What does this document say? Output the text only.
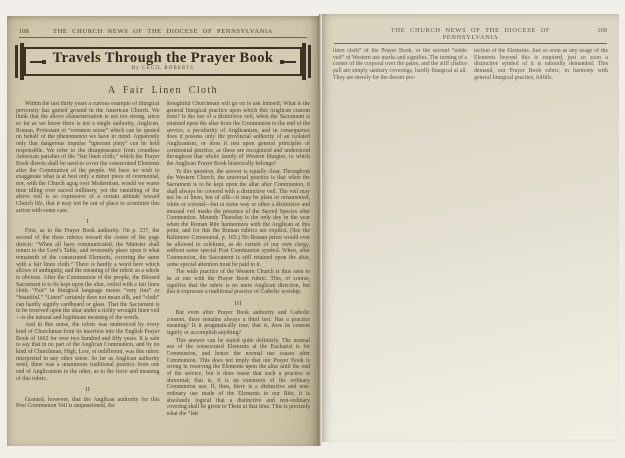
108	THE CHURCH NEWS OF THE DIOCESE OF PENNSYLVANIA
Travels Through the Prayer Book
By CECIL ROBERTS
A Fair Linen Cloth

Within the last thirty years a curious example of liturgical perversity has gained ground in the American Church. We think that the above characterisation is not too strong, since so far as we know there is not a single authority, Anglican, Roman, Protestant or “common sense” which can be quoted on behalf of the phenomenon we have in mind. Apparently only that dangerous impulse “ignorant piety” can be held responsible. We refer to the disappearance from countless American parishes of the “fair linen cloth,” which the Prayer Book directs shall be used to cover the consecrated Elements after the Communion of the people. We have no wish to exaggerate what is at best only a minor piece of ceremonial, nor, with the Church agog over Modernism, would we waste time idling over sacred millinery, yet the vanishing of the above veil is so expressive of a certain attitude toward Church life, that it may not be out of place to scrutinize this action with some care.

I

First, as to the Prayer Book authority. On p. 237, the second of the three rubrics toward the center of the page directs: “When all have communicated, the Minister shall return to the Lord’s Table, and reverently place upon it what remaineth of the consecrated Elements, covering the same with a fair linen cloth.” There is hardly a word here which allows of ambiguity, and the meaning of the rubric as a whole is obvious. After the Communion of the people, the Blessed Sacrament is to be kept upon the altar, veiled with a fair linen cloth. “Fair” in liturgical language means “very fine” or “beautiful.” “Linen” certainly does not mean silk, and “cloth” can hardly signify cardboard or glass. That the Sacrament is to be reserved upon the altar under a richly wrought linen veil—is the natural and legitimate meaning of the words.

And in this sense, the rubric was understood by every kind of Churchman from its insertion into the English Prayer Book of 1662 for over two hundred and fifty years. It is safe to say that in no part of the Anglican Communion, and by no kind of Churchman, High, Low, or indifferent, was this rubric interpreted in any other sense. So far as Anglican authority went, there was a unanimous traditional practice from one end of Anglicanism to the other, as to the force and meaning of this rubric.

II

Granted, however, that the Anglican authority for this Post Communion Veil is unquestioned, the

thoughtful Churchman will go on to ask himself; What is the general liturgical practice upon which this Anglican custom rests? Is the use of a distinctive veil, when the Sacrament is retained upon the altar from the Communion to the end of the service, a peculiarity of Anglicanism, and in consequence does it possess only the provincial authority of an isolated Anglicanism, or does it rest upon general principles of ceremonial practice, as these are recognized and understood throughout that whole family of Western liturgies, to which the Anglican Prayer Book historically belongs?

To this question, the answer is equally clear. Throughout the Western Church, the universal practice is that when the Sacrament is to be kept upon the altar after Communion, it shall always be covered with a distinctive veil. The veil may not be of linen, but of silk—it may be plain or ornamented, white or colored—but in some way or other a distinctive and unusual veil marks the presence of the Sacred Species after Communion. Maundy Thursday is the only day in the year when the Roman Rite harmonizes with the Anglican at this point, and for this the Roman rubrics are explicit. (See the Baltimore Ceremonial, p. 103.) No Roman priest would ever be allowed to celebrate, as do certain of our own clergy, without some special Post Communion symbol. When, after Communion, the Sacrament is still retained upon the altar, some special attention must be paid to it.

The wide practice of the Western Church is thus seen to be at one with the Prayer Book rubric. This, of course, signifies that the rubric is no mere Anglican direction, but that it expresses a traditional practice of Catholic worship.

III

But even after Prayer Book authority and Catholic consent, there remains always a third test: Has a practice meaning? Is it pragmatically true; that is, does its content signify or accomplish anything?

This answer can be stated quite definitely. The normal use of the consecrated Elements at the Eucharist is for Communion, and hence the normal use ceases after Communion. This does not imply that our Prayer Book is wrong in reserving the Elements upon the altar until the end of the service, but it does mean that such a practice is abnormal; that is, it is an extension of the ordinary Communion use. If, then, there is a distinctive and non-ordinary use made of the Elements in our Rite, it is absolutely logical that a distinctive and non-ordinary covering shall be given to Them at that time. This is precisely what the “fair

THE CHURCH NEWS OF THE DIOCESE OF PENNSYLVANIA
109

linen cloth” of the Prayer Book, or the second “white veil” of Western use marks and signifies. The turning of a corner of the corporal over the paten, and the stiff chalice pall are simply sanitary coverings, hardly liturgical at all. They are merely for the decent pro-

tection of the Elements. Just so soon as any usage of the Elements beyond this is required, just so soon a distinctive symbol of it is naturally demanded. This demand, our Prayer Book rubric, in harmony with general liturgical practice, fulfills.
